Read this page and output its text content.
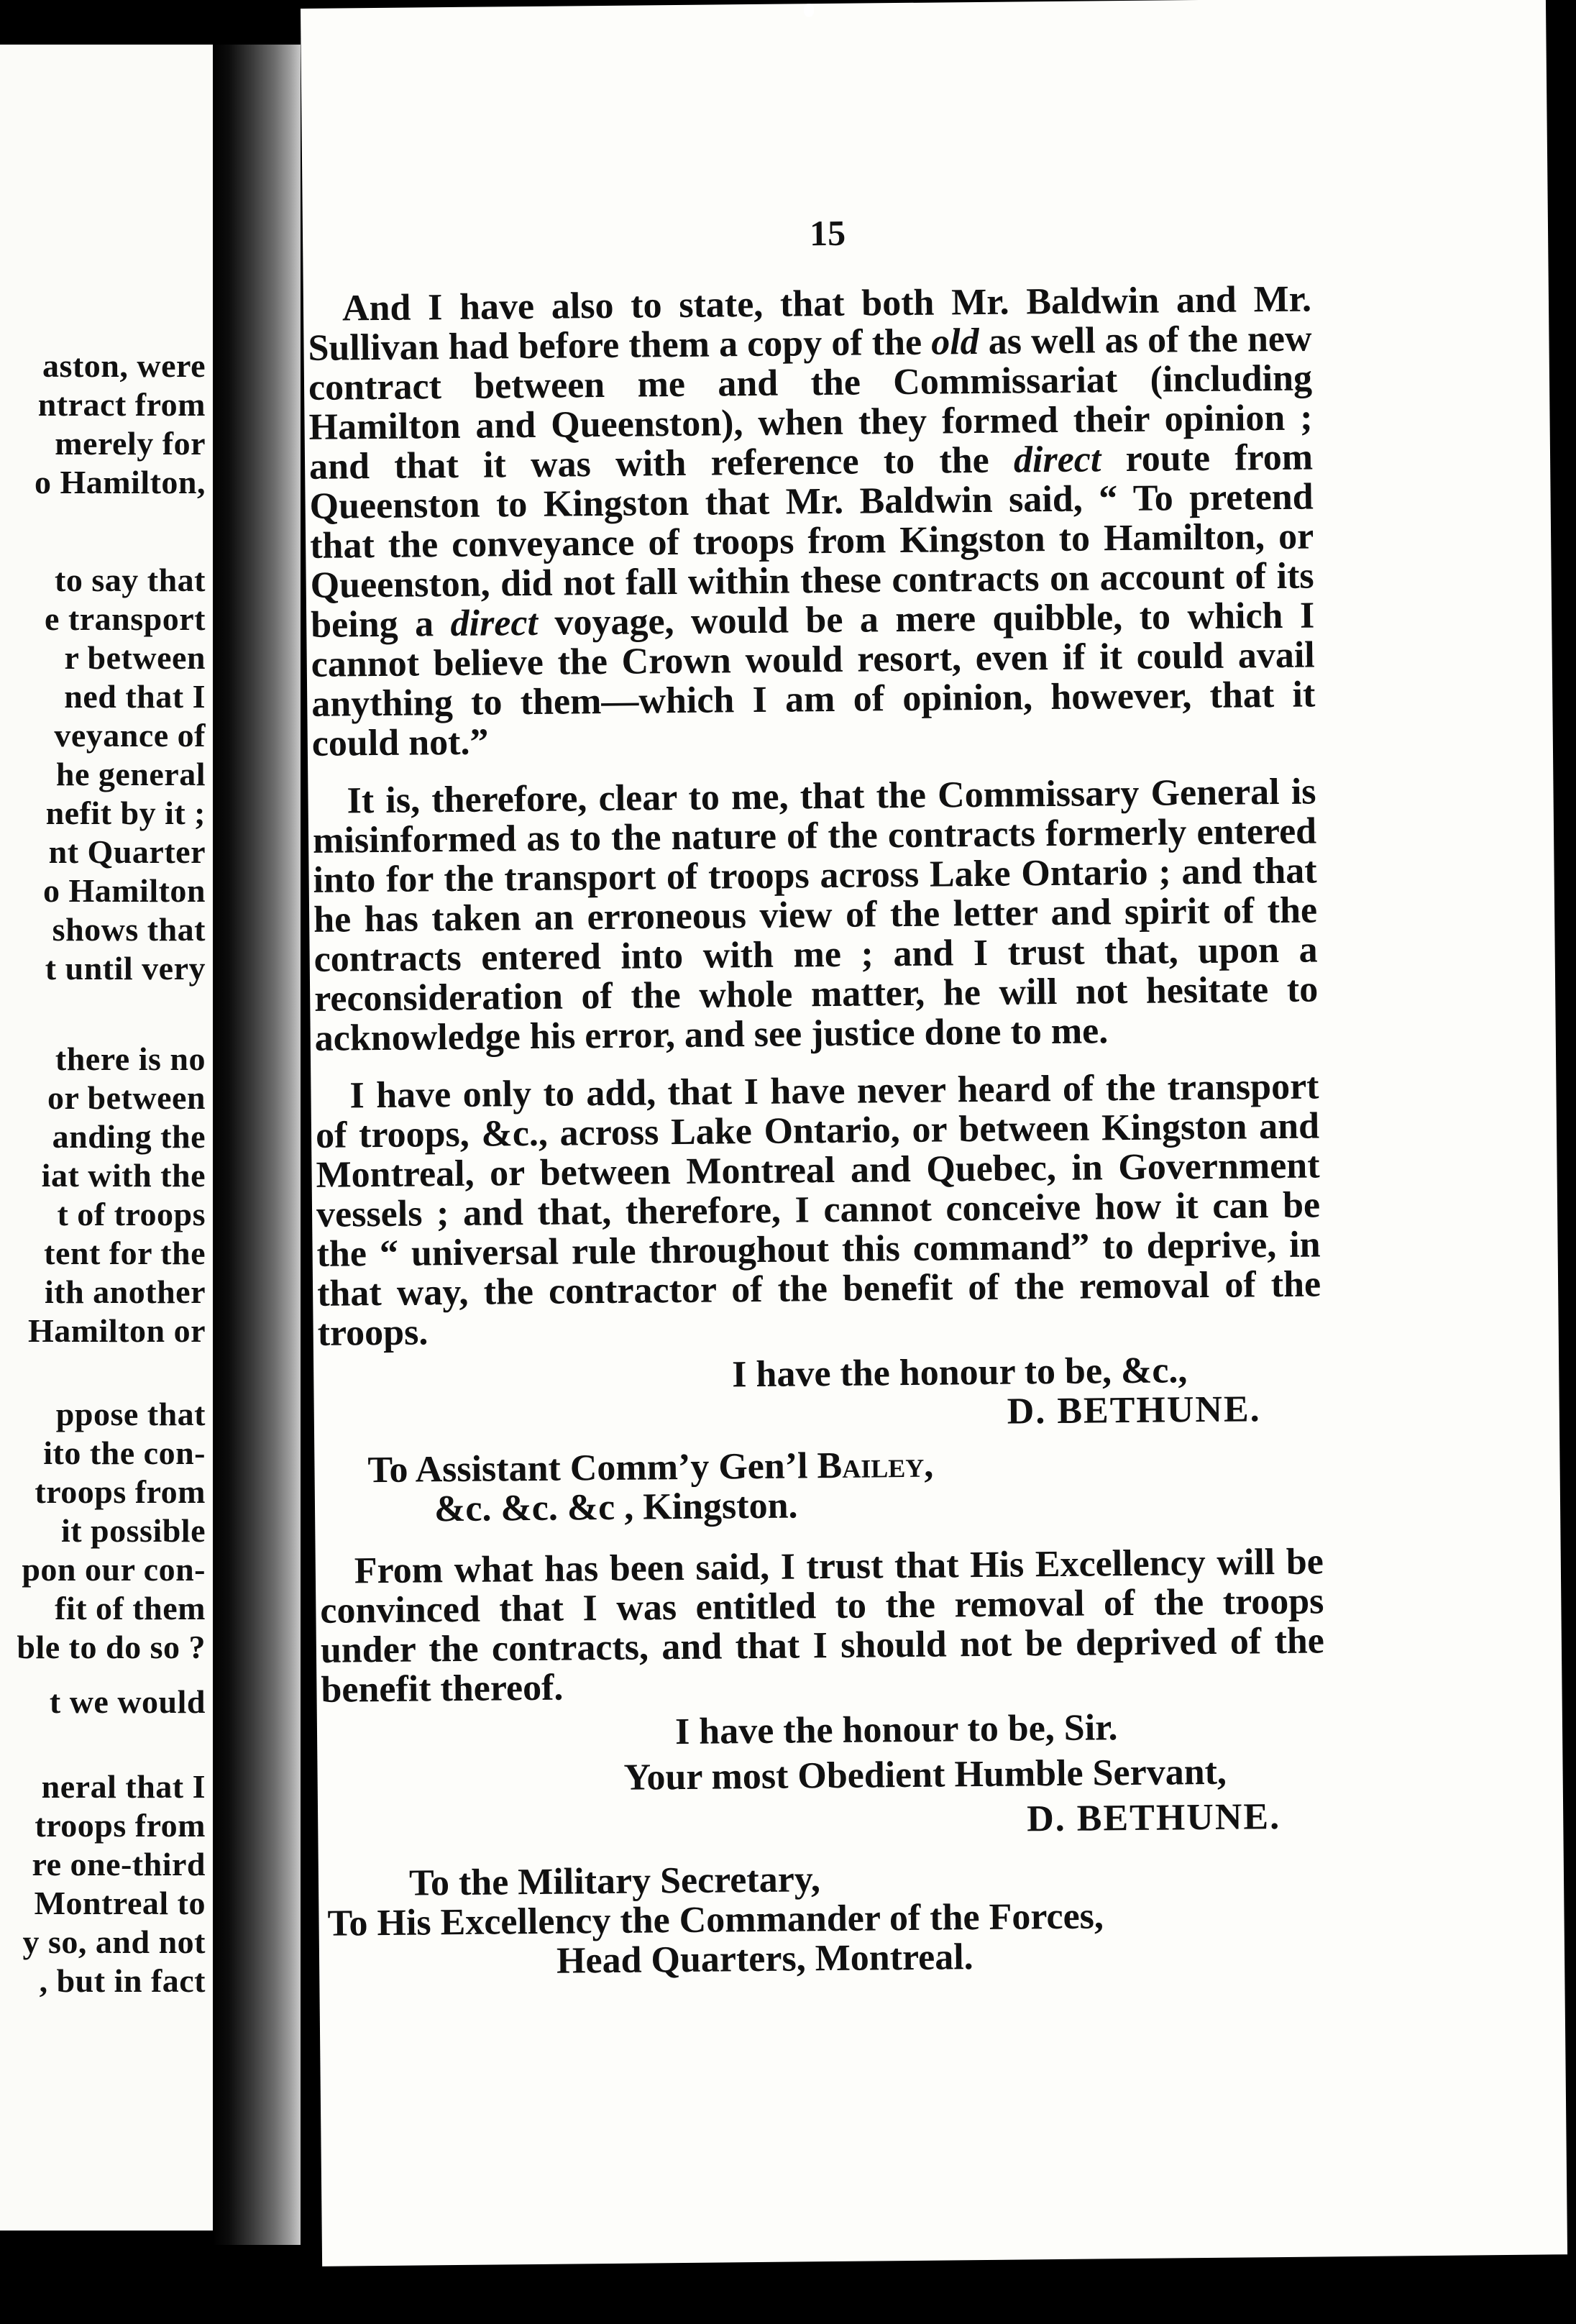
aston, were
ntract from
merely for
o Hamilton,
to say that
e transport
r between
ned that I
veyance of
he general
nefit by it ;
nt Quarter
o Hamilton
shows that
t until very
there is no
or between
anding the
iat with the
t of troops
tent for the
ith another
Hamilton or
ppose that
ito the con-
troops from
it possible
pon our con-
fit of them
ble to do so ?
t we would
neral that I
troops from
re one-third
Montreal to
y so, and not
, but in fact
15

And I have also to state, that both Mr. Baldwin and Mr. Sullivan had before them a copy of the old as well as of the new contract between me and the Commissariat (including Hamilton and Queenston), when they formed their opinion ; and that it was with reference to the direct route from Queenston to Kingston that Mr. Baldwin said, “ To pretend that the conveyance of troops from Kingston to Hamilton, or Queenston, did not fall within these contracts on account of its being a direct voyage, would be a mere quibble, to which I cannot believe the Crown would resort, even if it could avail anything to them—which I am of opinion, however, that it could not.”

It is, therefore, clear to me, that the Commissary General is misinformed as to the nature of the contracts formerly entered into for the transport of troops across Lake Ontario ; and that he has taken an erroneous view of the letter and spirit of the contracts entered into with me ; and I trust that, upon a reconsideration of the whole matter, he will not hesitate to acknowledge his error, and see justice done to me.

I have only to add, that I have never heard of the transport of troops, &c., across Lake Ontario, or between Kingston and Montreal, or between Montreal and Quebec, in Government vessels ; and that, therefore, I cannot conceive how it can be the “ universal rule throughout this command” to deprive, in that way, the contractor of the benefit of the removal of the troops.

I have the honour to be, &c.,

D. BETHUNE.

To Assistant Comm’y Gen’l Bailey,

&c. &c. &c , Kingston.

From what has been said, I trust that His Excellency will be convinced that I was entitled to the removal of the troops under the contracts, and that I should not be deprived of the benefit thereof.

I have the honour to be, Sir.

Your most Obedient Humble Servant,

D. BETHUNE.

To the Military Secretary,

To His Excellency the Commander of the Forces,

Head Quarters, Montreal.
